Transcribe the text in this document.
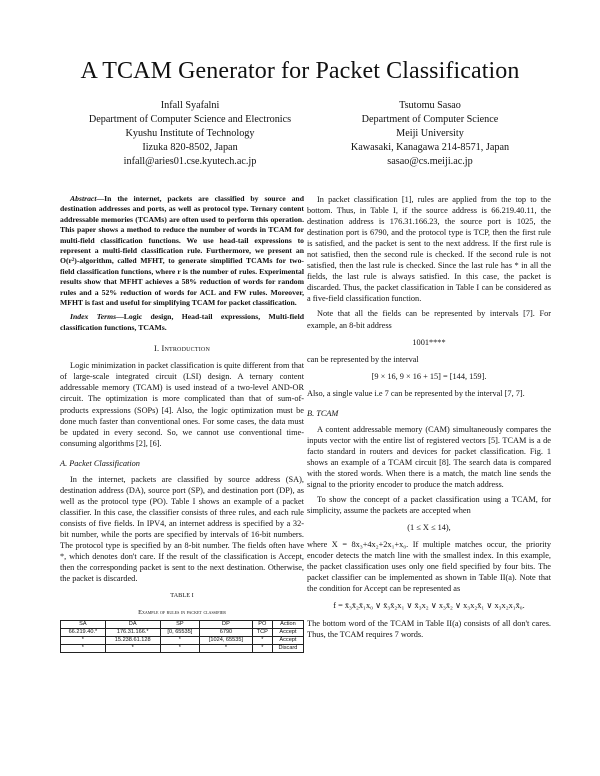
A TCAM Generator for Packet Classification
Infall Syafalni
Department of Computer Science and Electronics
Kyushu Institute of Technology
Iizuka 820-8502, Japan
infall@aries01.cse.kyutech.ac.jp
Tsutomu Sasao
Department of Computer Science
Meiji University
Kawasaki, Kanagawa 214-8571, Japan
sasao@cs.meiji.ac.jp

Abstract—In the internet, packets are classified by source and destination addresses and ports, as well as protocol type. Ternary content addressable memories (TCAMs) are often used to perform this operation. This paper shows a method to reduce the number of words in TCAM for multi-field classification functions. We use head-tail expressions to represent a multi-field classification rule. Furthermore, we present an O(r²)-algorithm, called MFHT, to generate simplified TCAMs for two-field classification functions, where r is the number of rules. Experimental results show that MFHT achieves a 58% reduction of words for random rules and a 52% reduction of words for ACL and FW rules. Moreover, MFHT is fast and useful for simplifying TCAM for packet classification.

Index Terms—Logic design, Head-tail expressions, Multi-field classification functions, TCAMs.

I. Introduction

Logic minimization in packet classification is quite different from that of large-scale integrated circuit (LSI) design. A ternary content addressable memory (TCAM) is used instead of a two-level AND-OR circuit. The optimization is more complicated than that of sum-of-products expressions (SOPs) [4]. Also, the logic optimization must be done much faster than conventional ones. For some cases, the data must be updated in every second. So, we cannot use conventional time-consuming algorithms [2], [6].

A. Packet Classification

In the internet, packets are classified by source address (SA), destination address (DA), source port (SP), and destination port (DP), as well as the protocol type (PO). Table I shows an example of a packet classifier. In this case, the classifier consists of three rules, and each rule consists of five fields. In IPV4, an internet address is specified by a 32-bit number, while the ports are specified by intervals of 16-bit numbers. The protocol type is specified by an 8-bit number. The fields often have *, which denotes don't care. If the result of the classification is Accept, then the corresponding packet is sent to the next destination. Otherwise, the packet is discarded.

TABLE I
Example of rules in packet classifier
SA	DA	SP	DP	PO	Action
66.219.40.*	176.31.166.*	[0, 65535]	6790	TCP	Accept
*	15.238.61.128	*	[1024, 65535]	*	Accept
*	*	*	*	*	Discard

In packet classification [1], rules are applied from the top to the bottom. Thus, in Table I, if the source address is 66.219.40.11, the destination address is 176.31.166.23, the source port is 1025, the destination port is 6790, and the protocol type is TCP, then the first rule is satisfied, and the packet is sent to the next address. If the first rule is not satisfied, then the second rule is checked. If the second rule is not satisfied, then the last rule is checked. Since the last rule has * in all the fields, the last rule is always satisfied. In this case, the packet is discarded. Thus, the packet classification in Table I can be considered as a five-field classification function.

Note that all the fields can be represented by intervals [7]. For example, an 8-bit address

1001****

can be represented by the interval

[9 × 16, 9 × 16 + 15] = [144, 159].

Also, a single value i.e 7 can be represented by the interval [7, 7].

B. TCAM

A content addressable memory (CAM) simultaneously compares the inputs vector with the entire list of registered vectors [5]. TCAM is a de facto standard in routers and devices for packet classification. Fig. 1 shows an example of a TCAM circuit [8]. The search data is compared with the stored words. When there is a match, the match line sends the signal to the priority encoder to produce the match address.

To show the concept of a packet classification using a TCAM, for simplicity, assume the packets are accepted when

(1 ≤ X ≤ 14),

where X = 8x₃+4x₂+2x₁+x₀. If multiple matches occur, the priority encoder detects the match line with the smallest index. In this example, the packet classification uses only one field specified by four bits. The packet classifier can be implemented as shown in Table II(a). Note that the condition for Accept can be represented as

f = x̄₃x̄₂x̄₁x₀ ∨ x̄₃x̄₂x₁ ∨ x̄₃x₂ ∨ x₃x̄₂ ∨ x₃x₂x̄₁ ∨ x₃x₂x₁x̄₀.

The bottom word of the TCAM in Table II(a) consists of all don't cares. Thus, the TCAM requires 7 words.
